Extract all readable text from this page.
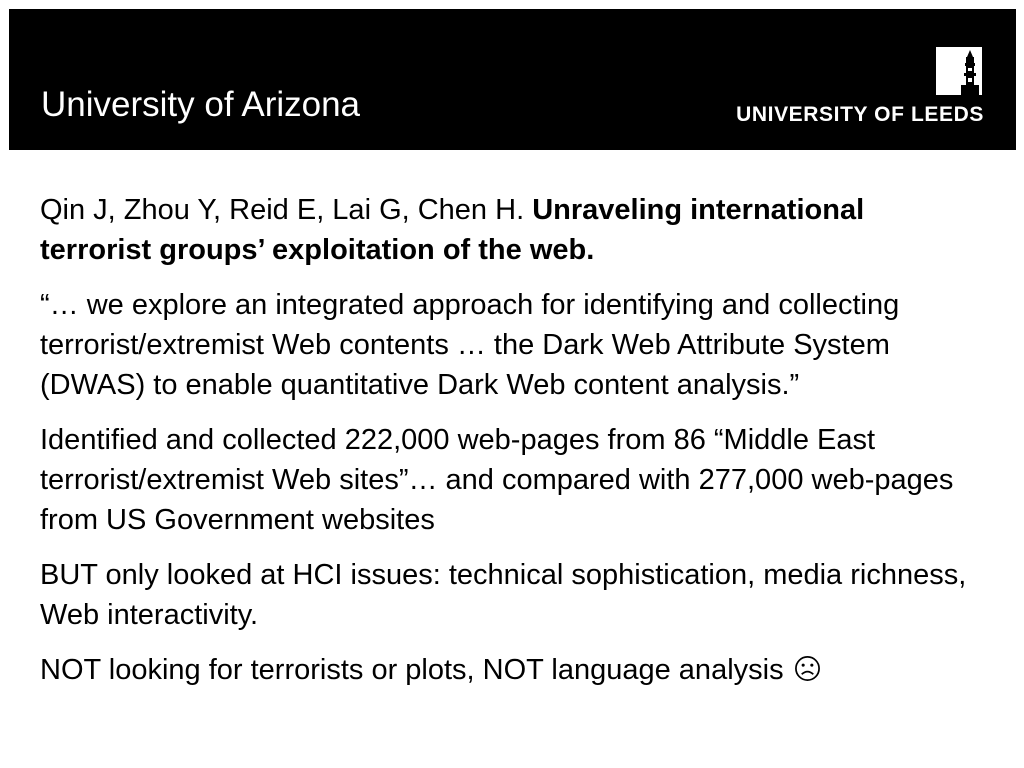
University of Arizona	UNIVERSITY OF LEEDS

Qin J, Zhou Y, Reid E, Lai G, Chen H. Unraveling international terrorist groups’ exploitation of the web.

“… we explore an integrated approach for identifying and collecting terrorist/extremist Web contents … the Dark Web Attribute System (DWAS) to enable quantitative Dark Web content analysis.”

Identified and collected 222,000 web-pages from 86 “Middle East terrorist/extremist Web sites”… and compared with 277,000 web-pages from US Government websites

BUT only looked at HCI issues: technical sophistication, media richness, Web interactivity.

NOT looking for terrorists or plots, NOT language analysis
